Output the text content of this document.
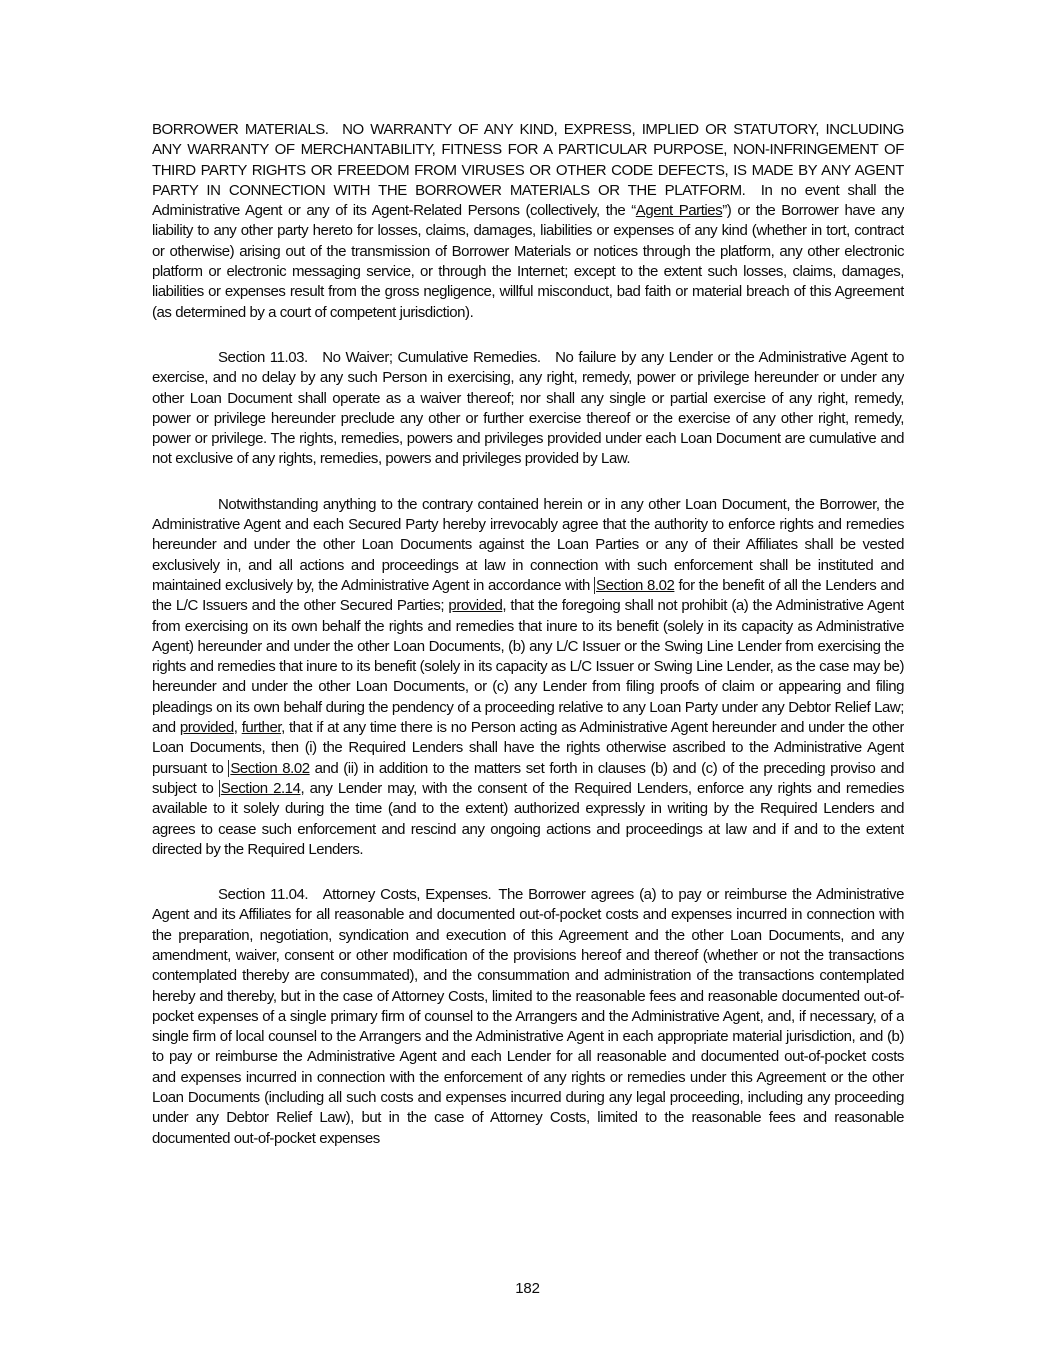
BORROWER MATERIALS.  NO WARRANTY OF ANY KIND, EXPRESS, IMPLIED OR STATUTORY, INCLUDING ANY WARRANTY OF MERCHANTABILITY, FITNESS FOR A PARTICULAR PURPOSE, NON-INFRINGEMENT OF THIRD PARTY RIGHTS OR FREEDOM FROM VIRUSES OR OTHER CODE DEFECTS, IS MADE BY ANY AGENT PARTY IN CONNECTION WITH THE BORROWER MATERIALS OR THE PLATFORM.  In no event shall the Administrative Agent or any of its Agent-Related Persons (collectively, the “Agent Parties”) or the Borrower have any liability to any other party hereto for losses, claims, damages, liabilities or expenses of any kind (whether in tort, contract or otherwise) arising out of the transmission of Borrower Materials or notices through the platform, any other electronic platform or electronic messaging service, or through the Internet; except to the extent such losses, claims, damages, liabilities or expenses result from the gross negligence, willful misconduct, bad faith or material breach of this Agreement (as determined by a court of competent jurisdiction).

Section 11.03. No Waiver; Cumulative Remedies. No failure by any Lender or the Administrative Agent to exercise, and no delay by any such Person in exercising, any right, remedy, power or privilege hereunder or under any other Loan Document shall operate as a waiver thereof; nor shall any single or partial exercise of any right, remedy, power or privilege hereunder preclude any other or further exercise thereof or the exercise of any other right, remedy, power or privilege. The rights, remedies, powers and privileges provided under each Loan Document are cumulative and not exclusive of any rights, remedies, powers and privileges provided by Law.

Notwithstanding anything to the contrary contained herein or in any other Loan Document, the Borrower, the Administrative Agent and each Secured Party hereby irrevocably agree that the authority to enforce rights and remedies hereunder and under the other Loan Documents against the Loan Parties or any of their Affiliates shall be vested exclusively in, and all actions and proceedings at law in connection with such enforcement shall be instituted and maintained exclusively by, the Administrative Agent in accordance with Section 8.02 for the benefit of all the Lenders and the L/C Issuers and the other Secured Parties; provided, that the foregoing shall not prohibit (a) the Administrative Agent from exercising on its own behalf the rights and remedies that inure to its benefit (solely in its capacity as Administrative Agent) hereunder and under the other Loan Documents, (b) any L/C Issuer or the Swing Line Lender from exercising the rights and remedies that inure to its benefit (solely in its capacity as L/C Issuer or Swing Line Lender, as the case may be) hereunder and under the other Loan Documents, or (c) any Lender from filing proofs of claim or appearing and filing pleadings on its own behalf during the pendency of a proceeding relative to any Loan Party under any Debtor Relief Law; and provided, further, that if at any time there is no Person acting as Administrative Agent hereunder and under the other Loan Documents, then (i) the Required Lenders shall have the rights otherwise ascribed to the Administrative Agent pursuant to Section 8.02 and (ii) in addition to the matters set forth in clauses (b) and (c) of the preceding proviso and subject to Section 2.14, any Lender may, with the consent of the Required Lenders, enforce any rights and remedies available to it solely during the time (and to the extent) authorized expressly in writing by the Required Lenders and agrees to cease such enforcement and rescind any ongoing actions and proceedings at law and if and to the extent directed by the Required Lenders.

Section 11.04. Attorney Costs, Expenses. The Borrower agrees (a) to pay or reimburse the Administrative Agent and its Affiliates for all reasonable and documented out-of-pocket costs and expenses incurred in connection with the preparation, negotiation, syndication and execution of this Agreement and the other Loan Documents, and any amendment, waiver, consent or other modification of the provisions hereof and thereof (whether or not the transactions contemplated thereby are consummated), and the consummation and administration of the transactions contemplated hereby and thereby, but in the case of Attorney Costs, limited to the reasonable fees and reasonable documented out-of-pocket expenses of a single primary firm of counsel to the Arrangers and the Administrative Agent, and, if necessary, of a single firm of local counsel to the Arrangers and the Administrative Agent in each appropriate material jurisdiction, and (b) to pay or reimburse the Administrative Agent and each Lender for all reasonable and documented out-of-pocket costs and expenses incurred in connection with the enforcement of any rights or remedies under this Agreement or the other Loan Documents (including all such costs and expenses incurred during any legal proceeding, including any proceeding under any Debtor Relief Law), but in the case of Attorney Costs, limited to the reasonable fees and reasonable documented out-of-pocket expenses

182
